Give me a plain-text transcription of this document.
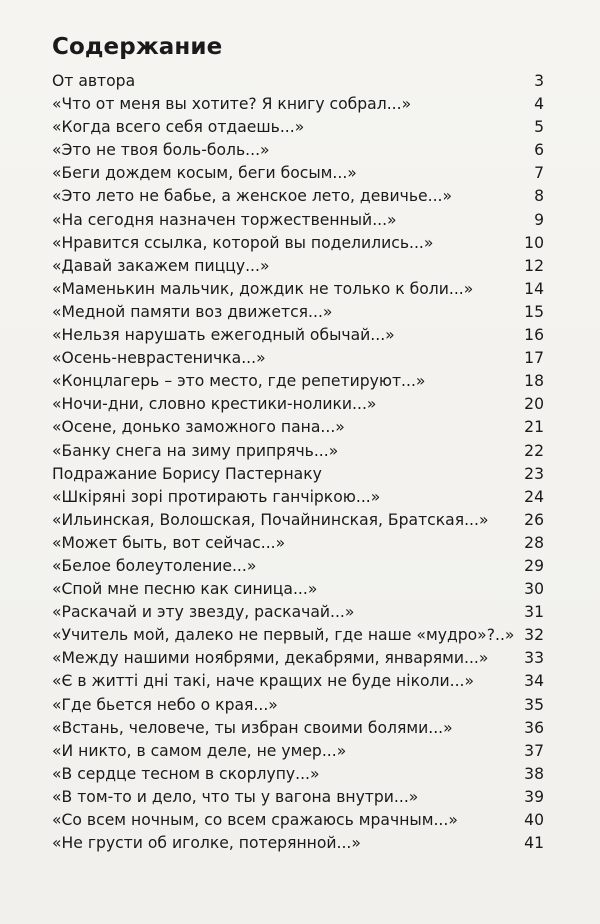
Содержание
От автора	3
«Что от меня вы хотите? Я книгу собрал...»	4
«Когда всего себя отдаешь...»	5
«Это не твоя боль-боль...»	6
«Беги дождем косым, беги босым...»	7
«Это лето не бабье, а женское лето, девичье...»	8
«На сегодня назначен торжественный...»	9
«Нравится ссылка, которой вы поделились...»	10
«Давай закажем пиццу...»	12
«Маменькин мальчик, дождик не только к боли...»	14
«Медной памяти воз движется...»	15
«Нельзя нарушать ежегодный обычай...»	16
«Осень-неврастеничка...»	17
«Концлагерь – это место, где репетируют...»	18
«Ночи-дни, словно крестики-нолики...»	20
«Осене, донько заможного пана...»	21
«Банку снега на зиму припрячь...»	22
Подражание Борису Пастернаку	23
«Шкіряні зорі протирають ганчіркою...»	24
«Ильинская, Волошская, Почайнинская, Братская...»	26
«Может быть, вот сейчас...»	28
«Белое болеутоление...»	29
«Спой мне песню как синица...»	30
«Раскачай и эту звезду, раскачай...»	31
«Учитель мой, далеко не первый, где наше «мудро»?..» 32
«Между нашими ноябрями, декабрями, январями...»	33
«Є в житті дні такі, наче кращих не буде ніколи...»	34
«Где бьется небо о края...»	35
«Встань, человече, ты избран своими болями...»	36
«И никто, в самом деле, не умер...»	37
«В сердце тесном в скорлупу...»	38
«В том-то и дело, что ты у вагона внутри...»	39
«Со всем ночным, со всем сражаюсь мрачным...»	40
«Не грусти об иголке, потерянной...»	41
